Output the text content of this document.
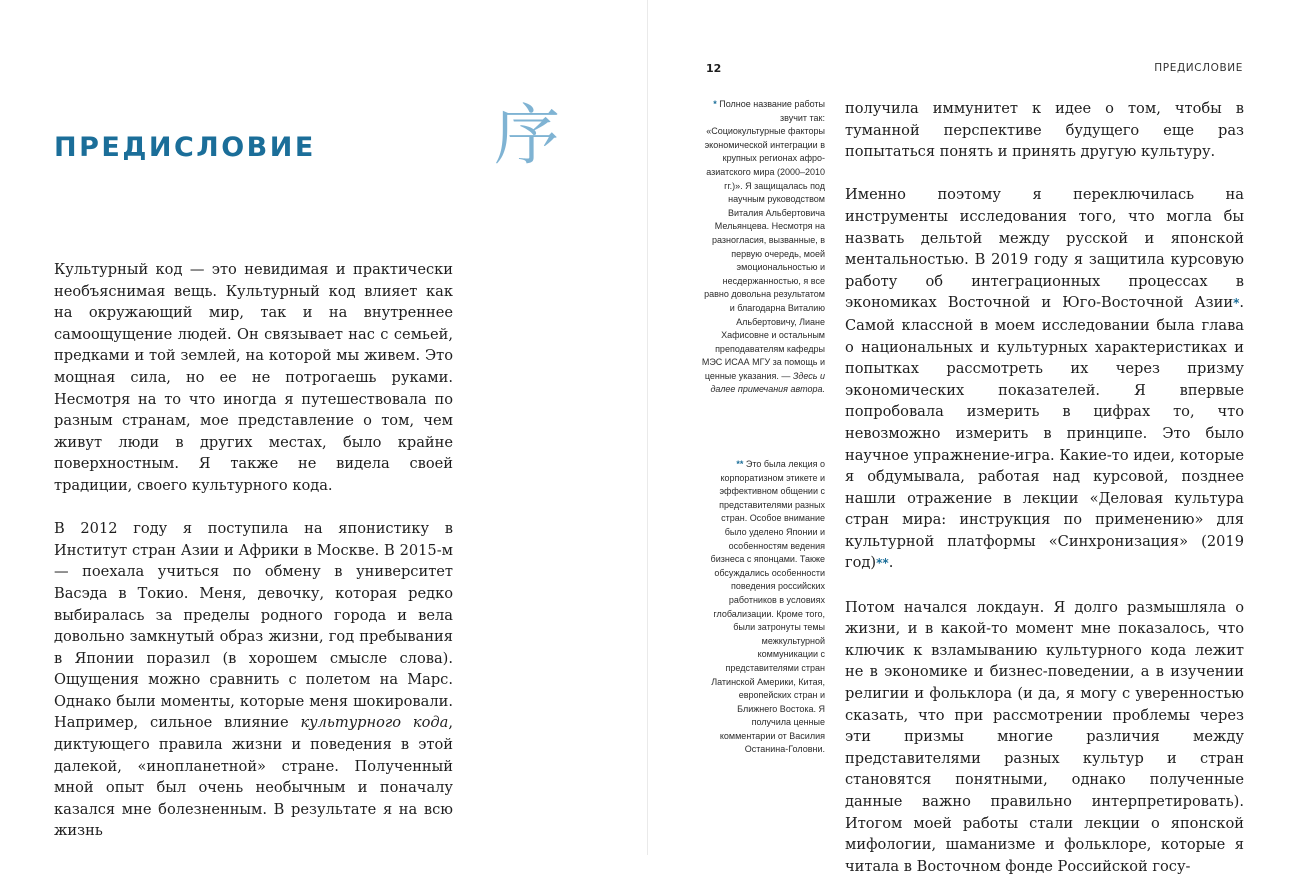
ПРЕДИСЛОВИЕ	序

Культурный код — это невидимая и практически необъяснимая вещь. Культурный код влияет как на окружающий мир, так и на внутреннее самоощущение людей. Он связывает нас с семьей, предками и той землей, на которой мы живем. Это мощная сила, но ее не потрогаешь руками. Несмотря на то что иногда я путешествовала по разным странам, мое представление о том, чем живут люди в других местах, было крайне поверхностным. Я также не видела своей традиции, своего культурного кода.

В 2012 году я поступила на японистику в Институт стран Азии и Африки в Москве. В 2015-м — поехала учиться по обмену в университет Васэда в Токио. Меня, девочку, которая редко выбиралась за пределы родного города и вела довольно замкнутый образ жизни, год пребывания в Японии поразил (в хорошем смысле слова). Ощущения можно сравнить с полетом на Марс. Однако были моменты, которые меня шокировали. Например, сильное влияние культурного кода, диктующего правила жизни и поведения в этой далекой, «инопланетной» стране. Полученный мной опыт был очень необычным и поначалу казался мне болезненным. В результате я на всю жизнь

12	ПРЕДИСЛОВИЕ

* Полное название работы звучит так: «Социокультурные факторы экономической интеграции в крупных регионах афро-азиатского мира (2000–2010 гг.)». Я защищалась под научным руководством Виталия Альбертовича Мельянцева. Несмотря на разногласия, вызванные, в первую очередь, моей эмоциональностью и несдержанностью, я все равно довольна результатом и благодарна Виталию Альбертовичу, Лиане Хафисовне и остальным преподавателям кафедры МЭС ИСАА МГУ за помощь и ценные указания. — Здесь и далее примечания автора.

** Это была лекция о корпоратизном этикете и эффективном общении с представителями разных стран. Особое внимание было уделено Японии и особенностям ведения бизнеса с японцами. Также обсуждались особенности поведения российских работников в условиях глобализации. Кроме того, были затронуты темы межкультурной коммуникации с представителями стран Латинской Америки, Китая, европейских стран и Ближнего Востока. Я получила ценные комментарии от Василия Останина-Головни.

получила иммунитет к идее о том, чтобы в туманной перспективе будущего еще раз попытаться понять и принять другую культуру.

Именно поэтому я переключилась на инструменты исследования того, что могла бы назвать дельтой между русской и японской ментальностью. В 2019 году я защитила курсовую работу об интеграционных процессах в экономиках Восточной и Юго-Восточной Азии*. Самой классной в моем исследовании была глава о национальных и культурных характеристиках и попытках рассмотреть их через призму экономических показателей. Я впервые попробовала измерить в цифрах то, что невозможно измерить в принципе. Это было научное упражнение-игра. Какие-то идеи, которые я обдумывала, работая над курсовой, позднее нашли отражение в лекции «Деловая культура стран мира: инструкция по применению» для культурной платформы «Синхронизация» (2019 год)**.

Потом начался локдаун. Я долго размышляла о жизни, и в какой-то момент мне показалось, что ключик к взламыванию культурного кода лежит не в экономике и бизнес-поведении, а в изучении религии и фольклора (и да, я могу с уверенностью сказать, что при рассмотрении проблемы через эти призмы многие различия между представителями разных культур и стран становятся понятными, однако полученные данные важно правильно интерпретировать). Итогом моей работы стали лекции о японской мифологии, шаманизме и фольклоре, которые я читала в Восточном фонде Российской госу-
